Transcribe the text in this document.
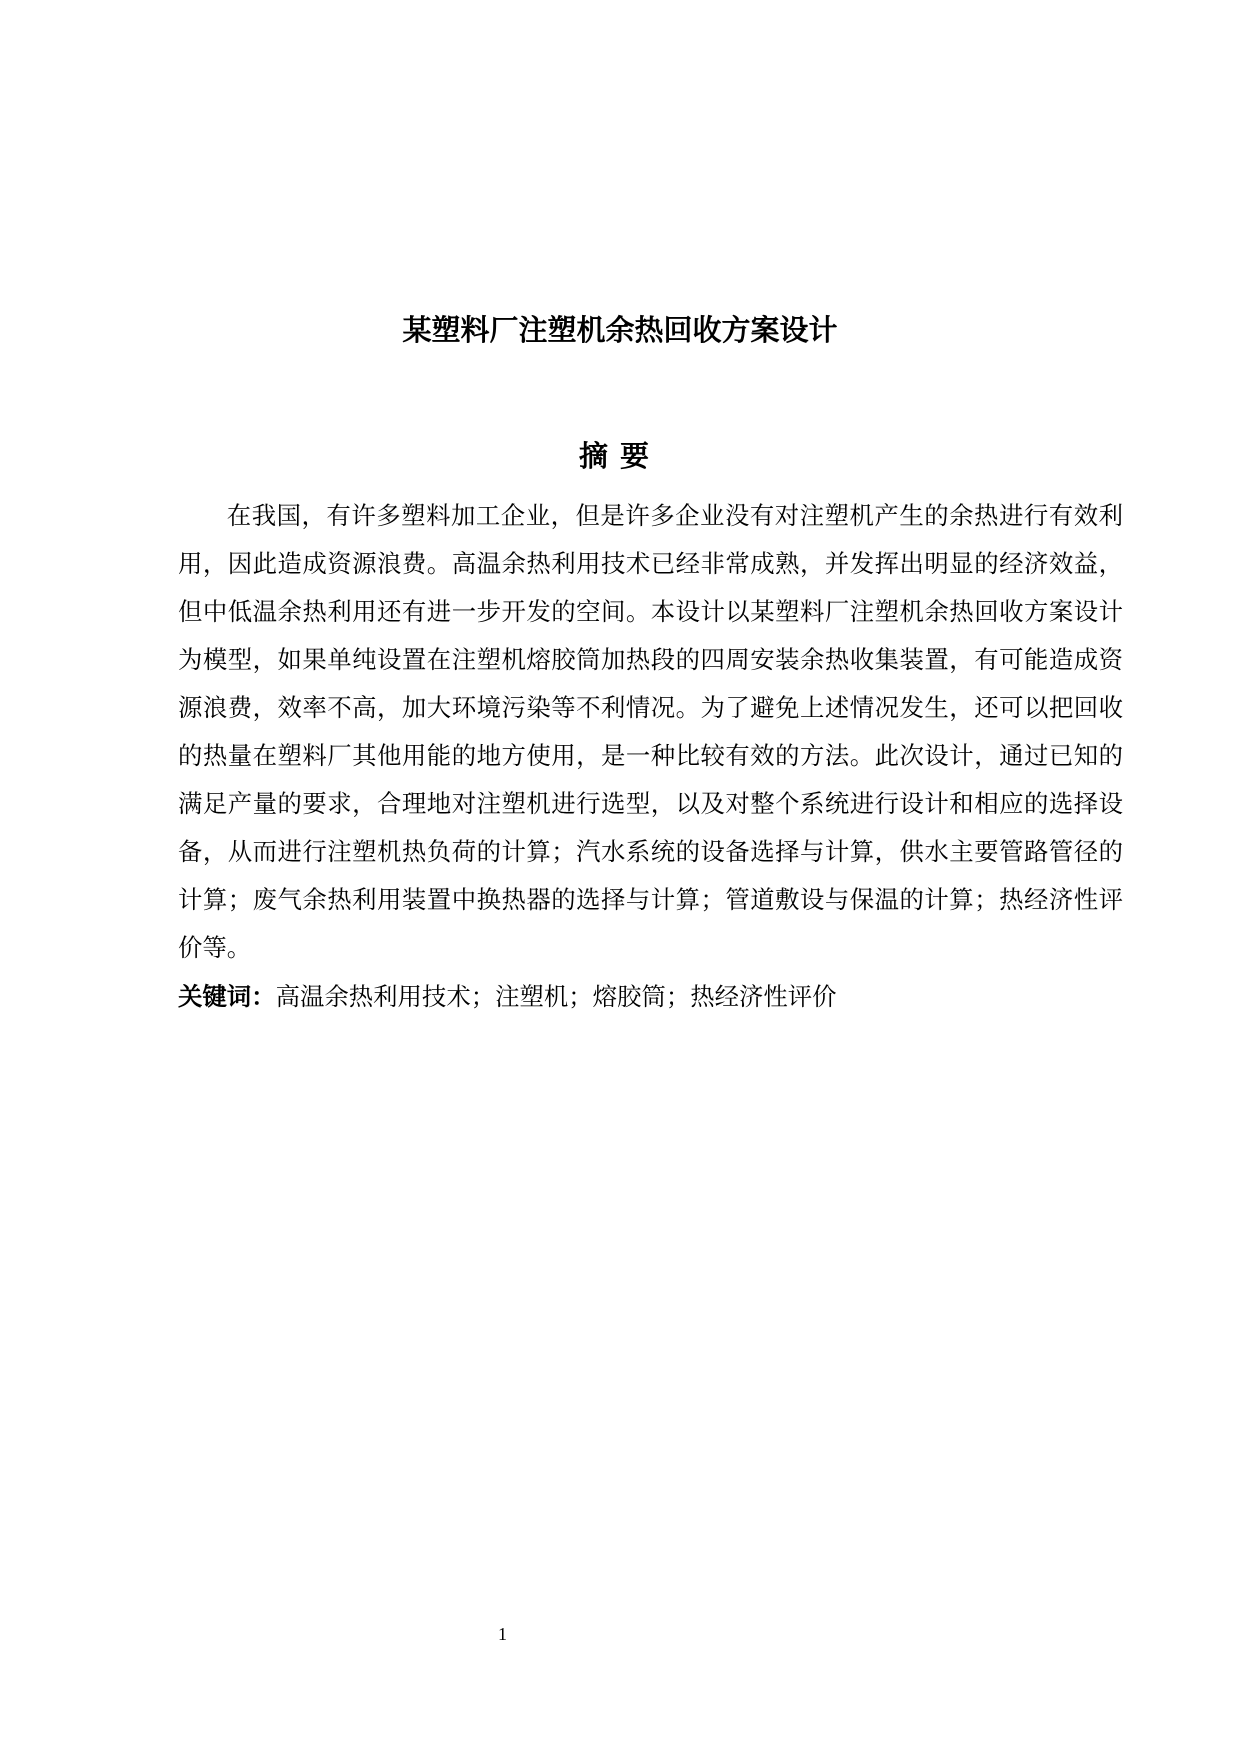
某塑料厂注塑机余热回收方案设计
摘要
在我国，有许多塑料加工企业，但是许多企业没有对注塑机产生的余热进行有效利用，因此造成资源浪费。高温余热利用技术已经非常成熟，并发挥出明显的经济效益，但中低温余热利用还有进一步开发的空间。本设计以某塑料厂注塑机余热回收方案设计为模型，如果单纯设置在注塑机熔胶筒加热段的四周安装余热收集装置，有可能造成资源浪费，效率不高，加大环境污染等不利情况。为了避免上述情况发生，还可以把回收的热量在塑料厂其他用能的地方使用，是一种比较有效的方法。此次设计，通过已知的满足产量的要求，合理地对注塑机进行选型，以及对整个系统进行设计和相应的选择设备，从而进行注塑机热负荷的计算；汽水系统的设备选择与计算，供水主要管路管径的计算；废气余热利用装置中换热器的选择与计算；管道敷设与保温的计算；热经济性评价等。
关键词：高温余热利用技术；注塑机；熔胶筒；热经济性评价
1
